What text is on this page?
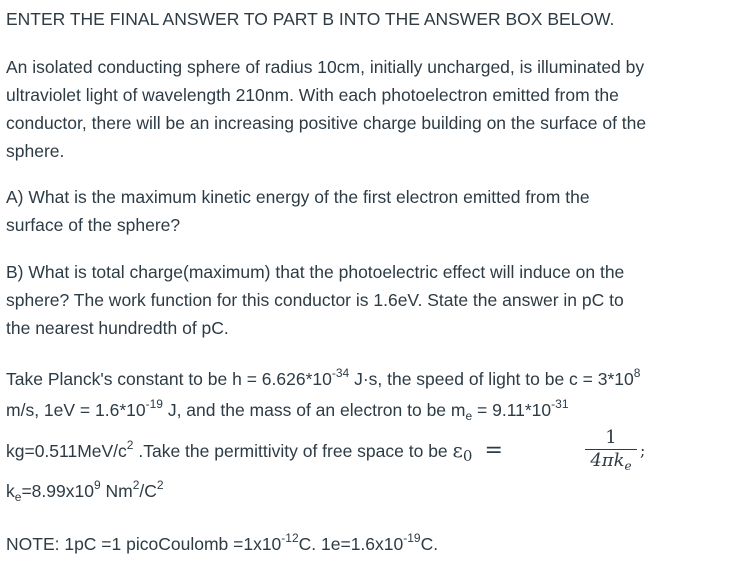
ENTER THE FINAL ANSWER TO PART B INTO THE ANSWER BOX BELOW.
An isolated conducting sphere of radius 10cm, initially uncharged, is illuminated by
ultraviolet light of wavelength 210nm. With each photoelectron emitted from the
conductor, there will be an increasing positive charge building on the surface of the
sphere.
A) What is the maximum kinetic energy of the first electron emitted from the
surface of the sphere?
B) What is total charge(maximum) that the photoelectric effect will induce on the
sphere? The work function for this conductor is 1.6eV. State the answer in pC to
the nearest hundredth of pC.
Take Planck's constant to be $h = 6.626*10^{-34}$ J·s, the speed of light to be $c = 3*10^8$
m/s, $1eV = 1.6*10^{-19}$ J, and the mass of an electron to be $m_e = 9.11*10^{-31}$
$kg=0.511MeV/c^2$ .Take the permittivity of free space to be $\varepsilon_0$ =
1
$4\pi k_e$
;
$k_e=8.99x10^9$ $Nm^2/C^2$
NOTE: 1pC =1 picoCoulomb $=1x10^{-12}C$. $1e=1.6x10^{-19}C$.
